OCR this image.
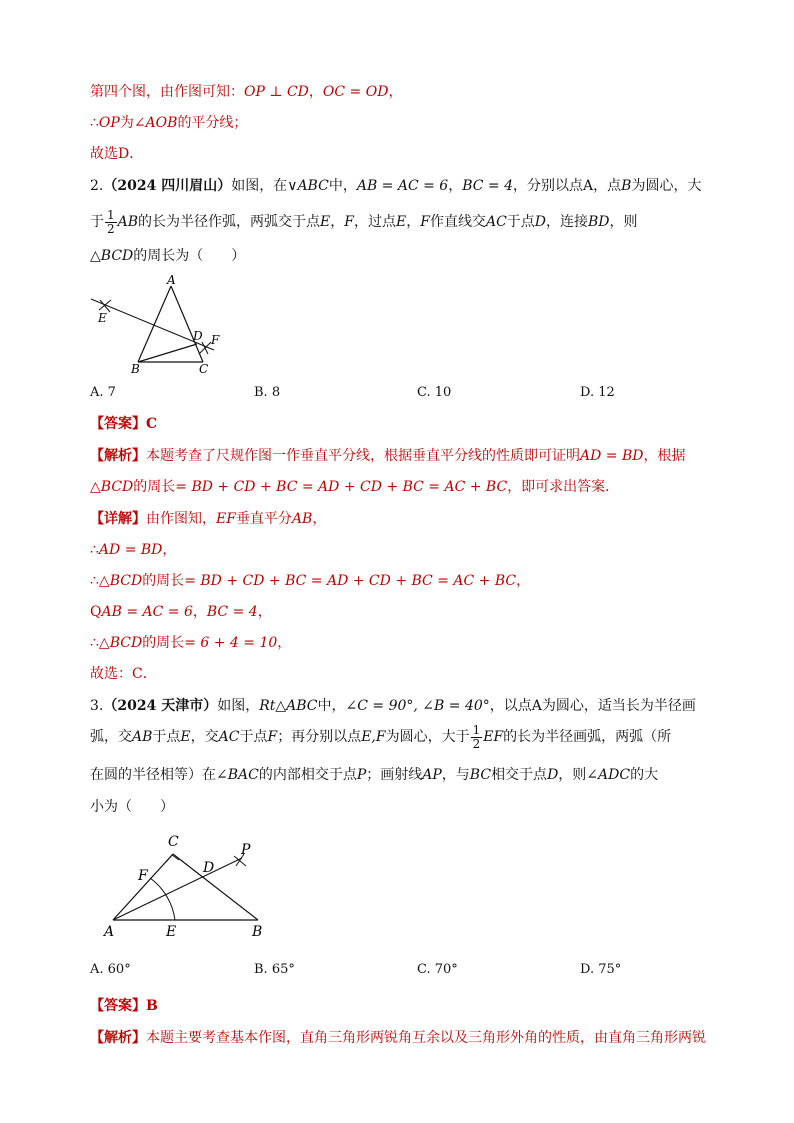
第四个图，由作图可知：OP ⊥ CD，OC = OD，
∴OP为∠AOB的平分线；
故选D．
2.（2024 四川眉山）如图，在∨ABC中，AB = AC = 6，BC = 4，分别以点A，点B为圆心，大
于 $\frac{1}{2}$ AB的长为半径作弧，两弧交于点E，F，过点E，F作直线交AC于点D，连接BD，则
△BCD的周长为（　　）
A
B	C
D
E
F
A. 7	B. 8	C. 10	D. 12
【答案】C
【解析】本题考查了尺规作图一作垂直平分线，根据垂直平分线的性质即可证明AD = BD，根据
△BCD的周长= BD + CD + BC = AD + CD + BC = AC + BC，即可求出答案．
【详解】由作图知，EF垂直平分AB，
∴AD = BD，
∴△BCD的周长= BD + CD + BC = AD + CD + BC = AC + BC，
QAB = AC = 6，BC = 4，
∴△BCD的周长= 6 + 4 = 10，
故选：C．
3.（2024 天津市）如图，Rt△ABC中，∠C = 90°, ∠B = 40°，以点A为圆心，适当长为半径画
弧，交AB于点E，交AC于点F；再分别以点E,F为圆心，大于 $\frac{1}{2}$ EF的长为半径画弧，两弧（所
在圆的半径相等）在∠BAC的内部相交于点P；画射线AP，与BC相交于点D，则∠ADC的大
小为（　　）
C
F	D
P
A	E	B
A. 60°	B. 65°	C. 70°	D. 75°
【答案】B
【解析】本题主要考查基本作图，直角三角形两锐角互余以及三角形外角的性质，由直角三角形两锐
